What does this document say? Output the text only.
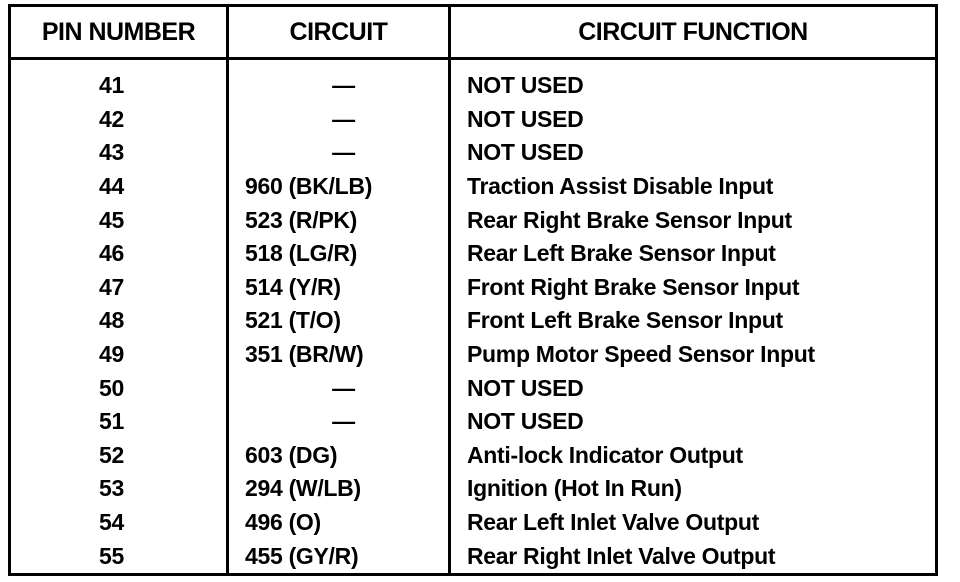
PIN NUMBER	CIRCUIT	CIRCUIT FUNCTION
41	—	NOT USED
42	—	NOT USED
43	—	NOT USED
44	960 (BK/LB)	Traction Assist Disable Input
45	523 (R/PK)	Rear Right Brake Sensor Input
46	518 (LG/R)	Rear Left Brake Sensor Input
47	514 (Y/R)	Front Right Brake Sensor Input
48	521 (T/O)	Front Left Brake Sensor Input
49	351 (BR/W)	Pump Motor Speed Sensor Input
50	—	NOT USED
51	—	NOT USED
52	603 (DG)	Anti-lock Indicator Output
53	294 (W/LB)	Ignition (Hot In Run)
54	496 (O)	Rear Left Inlet Valve Output
55	455 (GY/R)	Rear Right Inlet Valve Output
